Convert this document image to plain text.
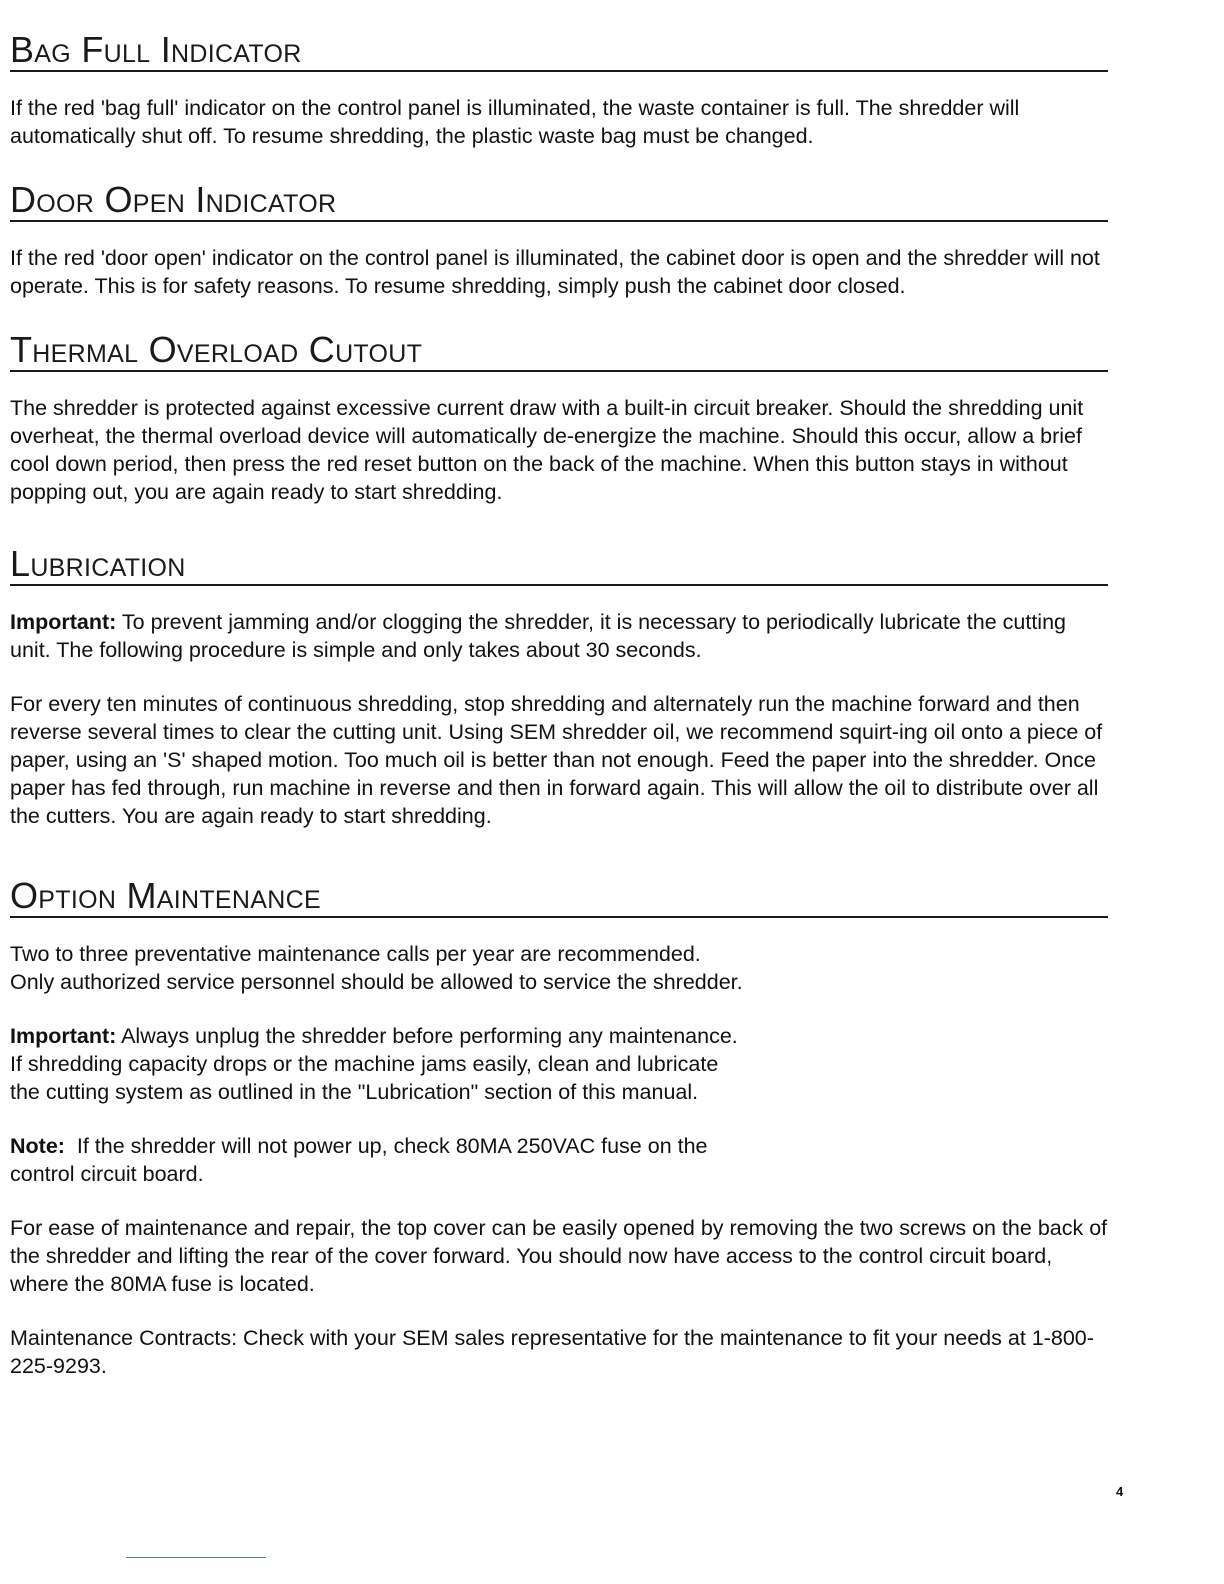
Bag Full Indicator

If the red 'bag full' indicator on the control panel is illuminated, the waste container is full. The shredder will automatically shut off. To resume shredding, the plastic waste bag must be changed.

Door Open Indicator

If the red 'door open' indicator on the control panel is illuminated, the cabinet door is open and the shredder will not operate. This is for safety reasons. To resume shredding, simply push the cabinet door closed.

Thermal Overload Cutout

The shredder is protected against excessive current draw with a built-in circuit breaker. Should the shredding unit overheat, the thermal overload device will automatically de-energize the machine. Should this occur, allow a brief cool down period, then press the red reset button on the back of the machine. When this button stays in without popping out, you are again ready to start shredding.

Lubrication

Important: To prevent jamming and/or clogging the shredder, it is necessary to periodically lubricate the cutting unit. The following procedure is simple and only takes about 30 seconds.

For every ten minutes of continuous shredding, stop shredding and alternately run the machine forward and then reverse several times to clear the cutting unit. Using SEM shredder oil, we recommend squirt-ing oil onto a piece of paper, using an 'S' shaped motion. Too much oil is better than not enough. Feed the paper into the shredder. Once paper has fed through, run machine in reverse and then in forward again. This will allow the oil to distribute over all the cutters. You are again ready to start shredding.

Option Maintenance

Two to three preventative maintenance calls per year are recommended.
Only authorized service personnel should be allowed to service the shredder.

Important: Always unplug the shredder before performing any maintenance.
If shredding capacity drops or the machine jams easily, clean and lubricate
the cutting system as outlined in the "Lubrication" section of this manual.

Note:  If the shredder will not power up, check 80MA 250VAC fuse on the
control circuit board.

For ease of maintenance and repair, the top cover can be easily opened by removing the two screws on the back of the shredder and lifting the rear of the cover forward. You should now have access to the control circuit board, where the 80MA fuse is located.

Maintenance Contracts: Check with your SEM sales representative for the maintenance to fit your needs at 1-800-225-9293.

4
